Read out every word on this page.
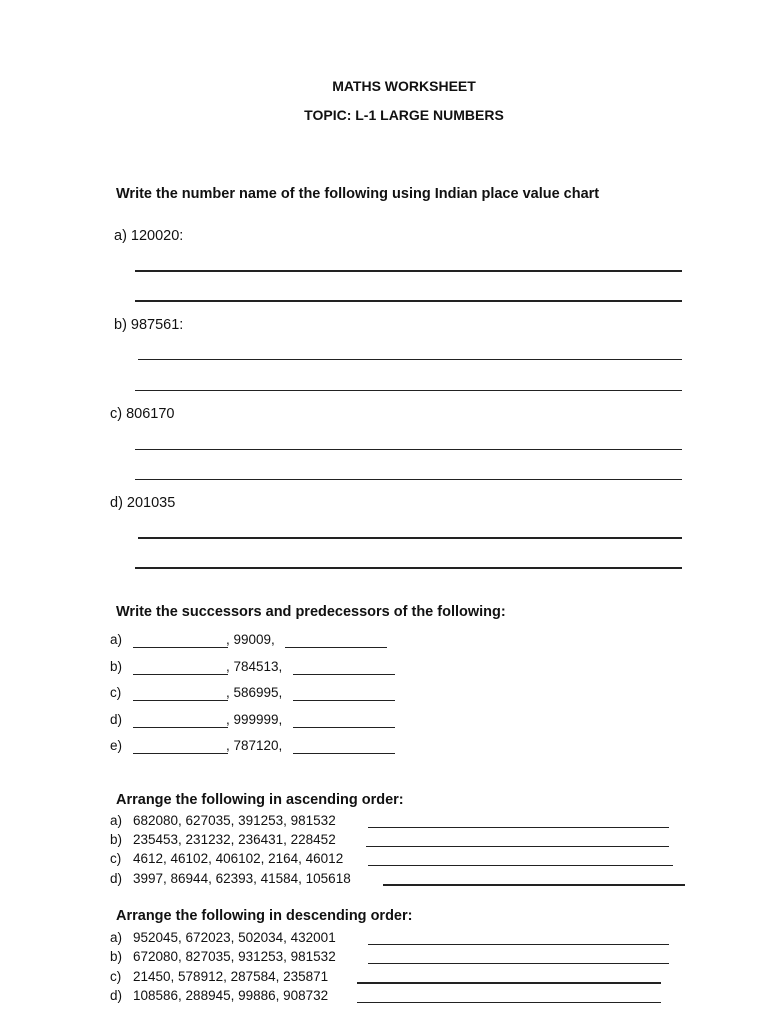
MATHS WORKSHEET
TOPIC: L-1 LARGE NUMBERS
Write the number name of the following using Indian place value chart
a) 120020:
b) 987561:
c) 806170
d) 201035
Write the successors and predecessors of the following:
a)	, 99009,
b)	, 784513,
c)	, 586995,
d)	, 999999,
e)	, 787120,
Arrange the following in ascending order:
a) 682080, 627035, 391253, 981532
b) 235453, 231232, 236431, 228452
c) 4612, 46102, 406102, 2164, 46012
d) 3997, 86944, 62393, 41584, 105618
Arrange the following in descending order:
a) 952045, 672023, 502034, 432001
b) 672080, 827035, 931253, 981532
c) 21450, 578912, 287584, 235871
d) 108586, 288945, 99886, 908732
